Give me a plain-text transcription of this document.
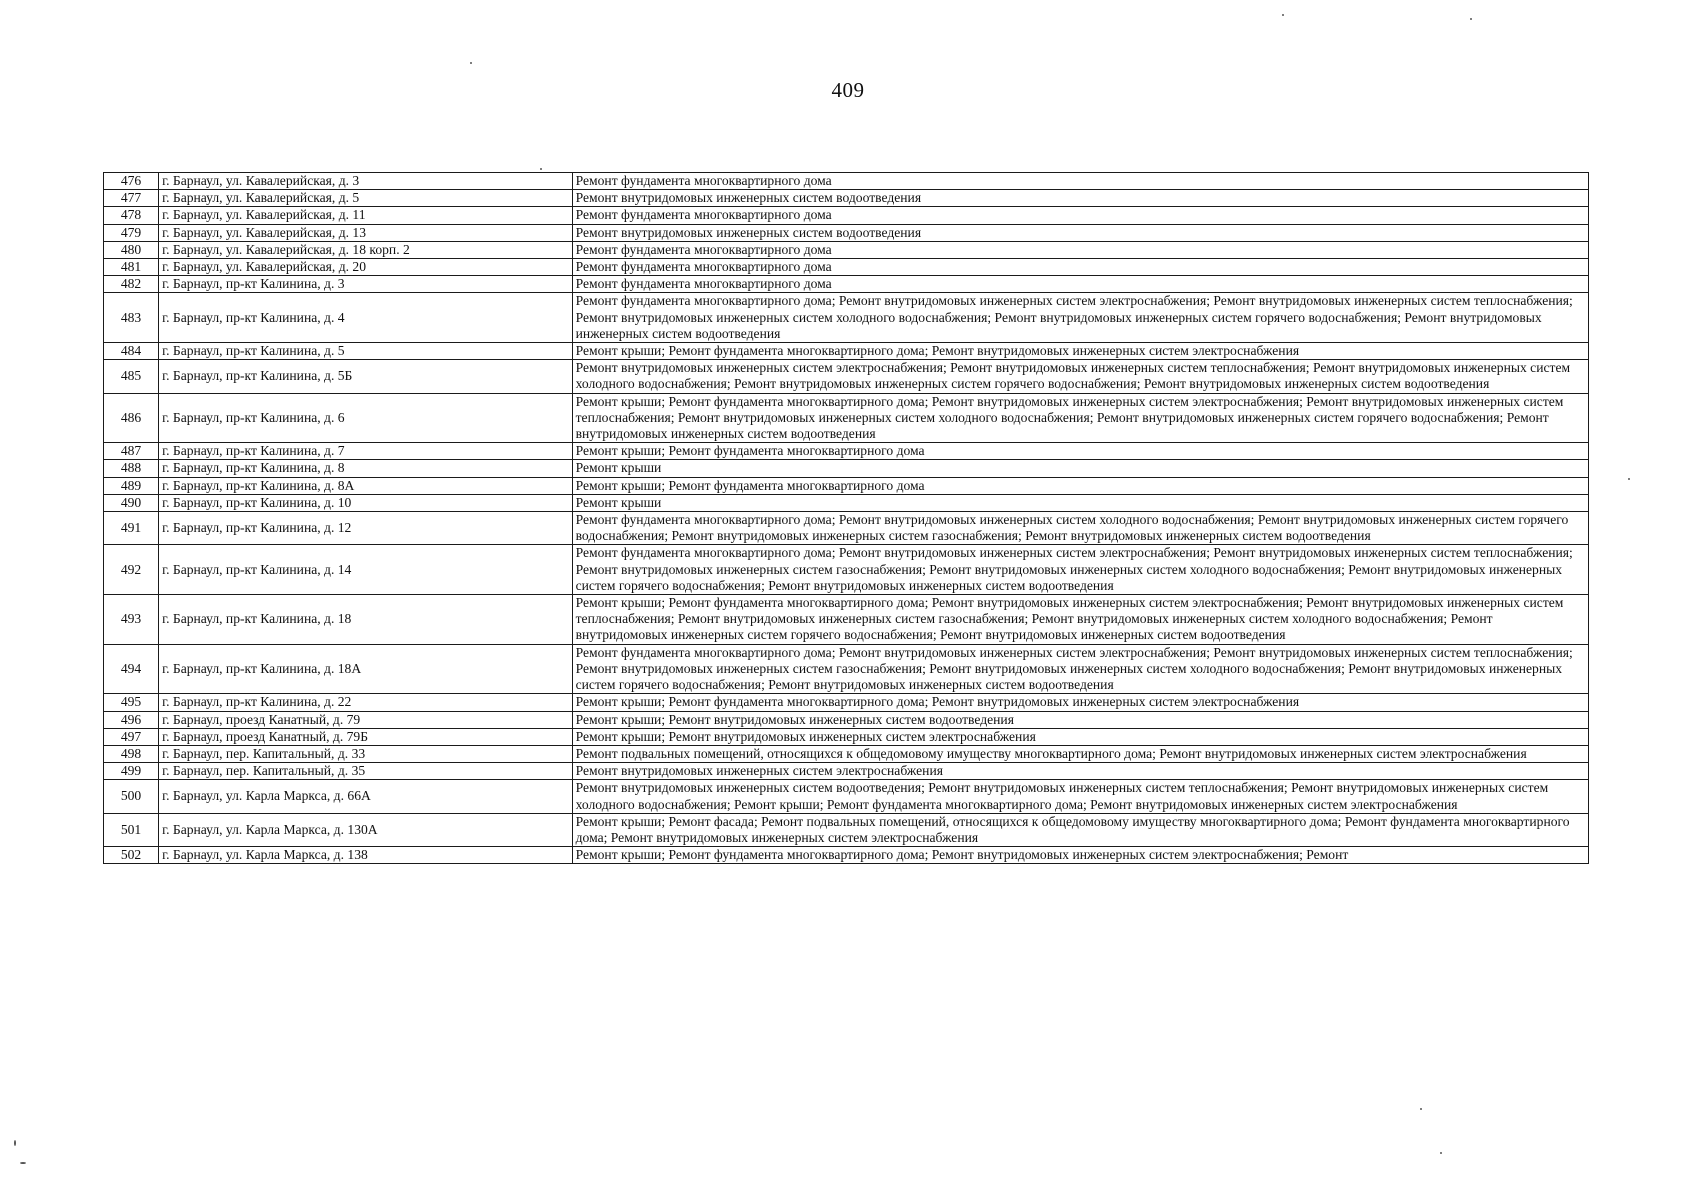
409
476	г. Барнаул, ул. Кавалерийская, д. 3	Ремонт фундамента многоквартирного дома
477	г. Барнаул, ул. Кавалерийская, д. 5	Ремонт внутридомовых инженерных систем водоотведения
478	г. Барнаул, ул. Кавалерийская, д. 11	Ремонт фундамента многоквартирного дома
479	г. Барнаул, ул. Кавалерийская, д. 13	Ремонт внутридомовых инженерных систем водоотведения
480	г. Барнаул, ул. Кавалерийская, д. 18 корп. 2	Ремонт фундамента многоквартирного дома
481	г. Барнаул, ул. Кавалерийская, д. 20	Ремонт фундамента многоквартирного дома
482	г. Барнаул, пр-кт Калинина, д. 3	Ремонт фундамента многоквартирного дома
483	г. Барнаул, пр-кт Калинина, д. 4	Ремонт фундамента многоквартирного дома; Ремонт внутридомовых инженерных систем электроснабжения; Ремонт внутридомовых инженерных систем теплоснабжения; Ремонт внутридомовых инженерных систем холодного водоснабжения; Ремонт внутридомовых инженерных систем горячего водоснабжения; Ремонт внутридомовых инженерных систем водоотведения
484	г. Барнаул, пр-кт Калинина, д. 5	Ремонт крыши; Ремонт фундамента многоквартирного дома; Ремонт внутридомовых инженерных систем электроснабжения
485	г. Барнаул, пр-кт Калинина, д. 5Б	Ремонт внутридомовых инженерных систем электроснабжения; Ремонт внутридомовых инженерных систем теплоснабжения; Ремонт внутридомовых инженерных систем холодного водоснабжения; Ремонт внутридомовых инженерных систем горячего водоснабжения; Ремонт внутридомовых инженерных систем водоотведения
486	г. Барнаул, пр-кт Калинина, д. 6	Ремонт крыши; Ремонт фундамента многоквартирного дома; Ремонт внутридомовых инженерных систем электроснабжения; Ремонт внутридомовых инженерных систем теплоснабжения; Ремонт внутридомовых инженерных систем холодного водоснабжения; Ремонт внутридомовых инженерных систем горячего водоснабжения; Ремонт внутридомовых инженерных систем водоотведения
487	г. Барнаул, пр-кт Калинина, д. 7	Ремонт крыши; Ремонт фундамента многоквартирного дома
488	г. Барнаул, пр-кт Калинина, д. 8	Ремонт крыши
489	г. Барнаул, пр-кт Калинина, д. 8А	Ремонт крыши; Ремонт фундамента многоквартирного дома
490	г. Барнаул, пр-кт Калинина, д. 10	Ремонт крыши
491	г. Барнаул, пр-кт Калинина, д. 12	Ремонт фундамента многоквартирного дома; Ремонт внутридомовых инженерных систем холодного водоснабжения; Ремонт внутридомовых инженерных систем горячего водоснабжения; Ремонт внутридомовых инженерных систем газоснабжения; Ремонт внутридомовых инженерных систем водоотведения
492	г. Барнаул, пр-кт Калинина, д. 14	Ремонт фундамента многоквартирного дома; Ремонт внутридомовых инженерных систем электроснабжения; Ремонт внутридомовых инженерных систем теплоснабжения; Ремонт внутридомовых инженерных систем газоснабжения; Ремонт внутридомовых инженерных систем холодного водоснабжения; Ремонт внутридомовых инженерных систем горячего водоснабжения; Ремонт внутридомовых инженерных систем водоотведения
493	г. Барнаул, пр-кт Калинина, д. 18	Ремонт крыши; Ремонт фундамента многоквартирного дома; Ремонт внутридомовых инженерных систем электроснабжения; Ремонт внутридомовых инженерных систем теплоснабжения; Ремонт внутридомовых инженерных систем газоснабжения; Ремонт внутридомовых инженерных систем холодного водоснабжения; Ремонт внутридомовых инженерных систем горячего водоснабжения; Ремонт внутридомовых инженерных систем водоотведения
494	г. Барнаул, пр-кт Калинина, д. 18А	Ремонт фундамента многоквартирного дома; Ремонт внутридомовых инженерных систем электроснабжения; Ремонт внутридомовых инженерных систем теплоснабжения; Ремонт внутридомовых инженерных систем газоснабжения; Ремонт внутридомовых инженерных систем холодного водоснабжения; Ремонт внутридомовых инженерных систем горячего водоснабжения; Ремонт внутридомовых инженерных систем водоотведения
495	г. Барнаул, пр-кт Калинина, д. 22	Ремонт крыши; Ремонт фундамента многоквартирного дома; Ремонт внутридомовых инженерных систем электроснабжения
496	г. Барнаул, проезд Канатный, д. 79	Ремонт крыши; Ремонт внутридомовых инженерных систем водоотведения
497	г. Барнаул, проезд Канатный, д. 79Б	Ремонт крыши; Ремонт внутридомовых инженерных систем электроснабжения
498	г. Барнаул, пер. Капитальный, д. 33	Ремонт подвальных помещений, относящихся к общедомовому имуществу многоквартирного дома; Ремонт внутридомовых инженерных систем электроснабжения
499	г. Барнаул, пер. Капитальный, д. 35	Ремонт внутридомовых инженерных систем электроснабжения
500	г. Барнаул, ул. Карла Маркса, д. 66А	Ремонт внутридомовых инженерных систем водоотведения; Ремонт внутридомовых инженерных систем теплоснабжения; Ремонт внутридомовых инженерных систем холодного водоснабжения; Ремонт крыши; Ремонт фундамента многоквартирного дома; Ремонт внутридомовых инженерных систем электроснабжения
501	г. Барнаул, ул. Карла Маркса, д. 130А	Ремонт крыши; Ремонт фасада; Ремонт подвальных помещений, относящихся к общедомовому имуществу многоквартирного дома; Ремонт фундамента многоквартирного дома; Ремонт внутридомовых инженерных систем электроснабжения
502	г. Барнаул, ул. Карла Маркса, д. 138	Ремонт крыши; Ремонт фундамента многоквартирного дома; Ремонт внутридомовых инженерных систем электроснабжения; Ремонт
